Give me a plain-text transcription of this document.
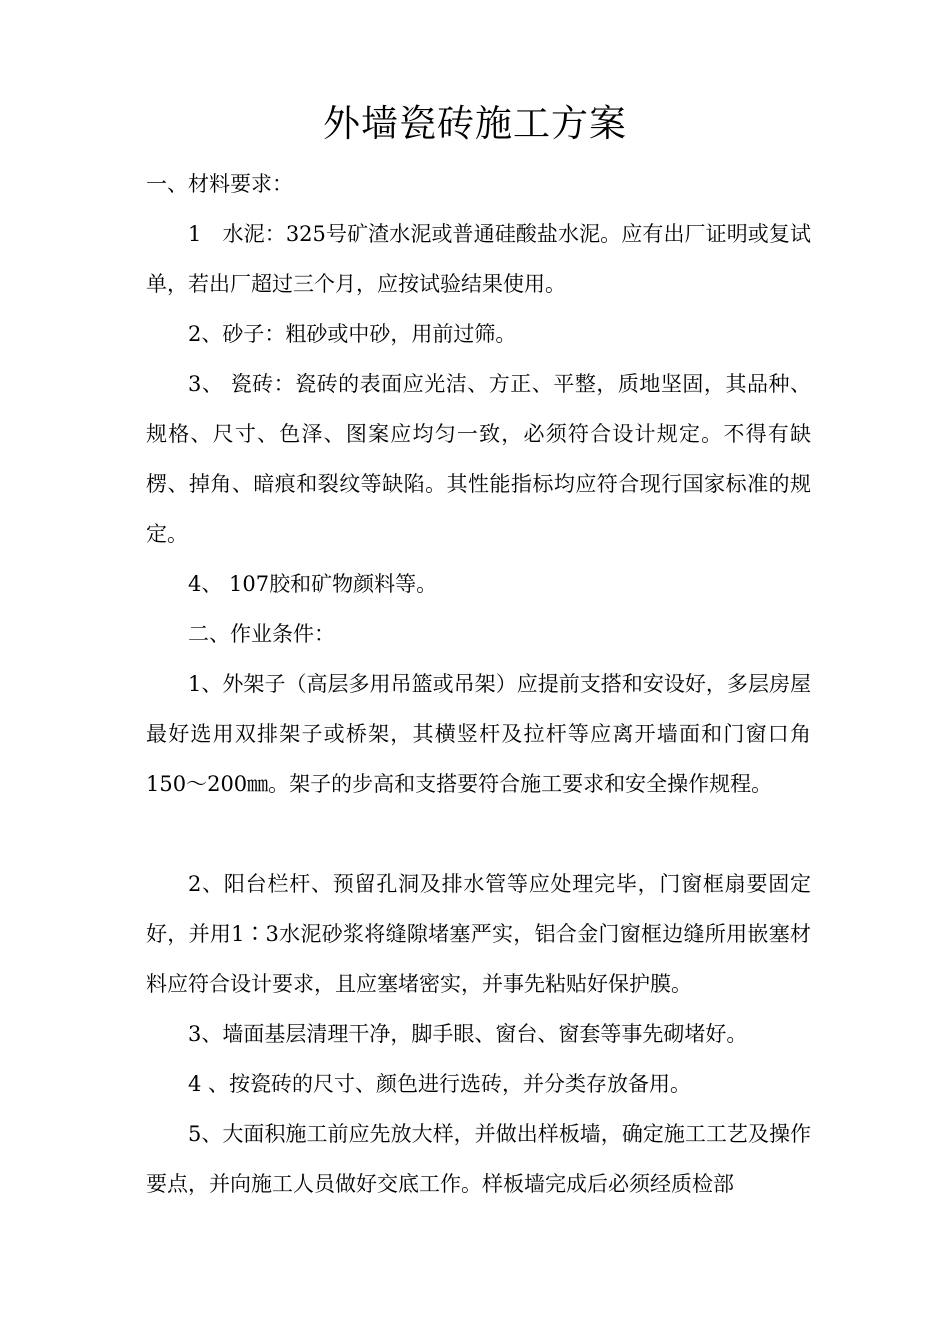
外墙瓷砖施工方案

一、材料要求：

1　水泥：325号矿渣水泥或普通硅酸盐水泥。应有出厂证明或复试单，若出厂超过三个月，应按试验结果使用。

2、砂子：粗砂或中砂，用前过筛。

3、 瓷砖：瓷砖的表面应光洁、方正、平整，质地坚固，其品种、规格、尺寸、色泽、图案应均匀一致，必须符合设计规定。不得有缺楞、掉角、暗痕和裂纹等缺陷。其性能指标均应符合现行国家标准的规定。

4、 107胶和矿物颜料等。

二、作业条件：

1、外架子（高层多用吊篮或吊架）应提前支搭和安设好，多层房屋最好选用双排架子或桥架，其横竖杆及拉杆等应离开墙面和门窗口角150～200㎜。架子的步高和支搭要符合施工要求和安全操作规程。

2、阳台栏杆、预留孔洞及排水管等应处理完毕，门窗框扇要固定好，并用1∶3水泥砂浆将缝隙堵塞严实，铝合金门窗框边缝所用嵌塞材料应符合设计要求，且应塞堵密实，并事先粘贴好保护膜。

3、墙面基层清理干净，脚手眼、窗台、窗套等事先砌堵好。

4 、按瓷砖的尺寸、颜色进行选砖，并分类存放备用。

5、大面积施工前应先放大样，并做出样板墙，确定施工工艺及操作要点，并向施工人员做好交底工作。样板墙完成后必须经质检部
